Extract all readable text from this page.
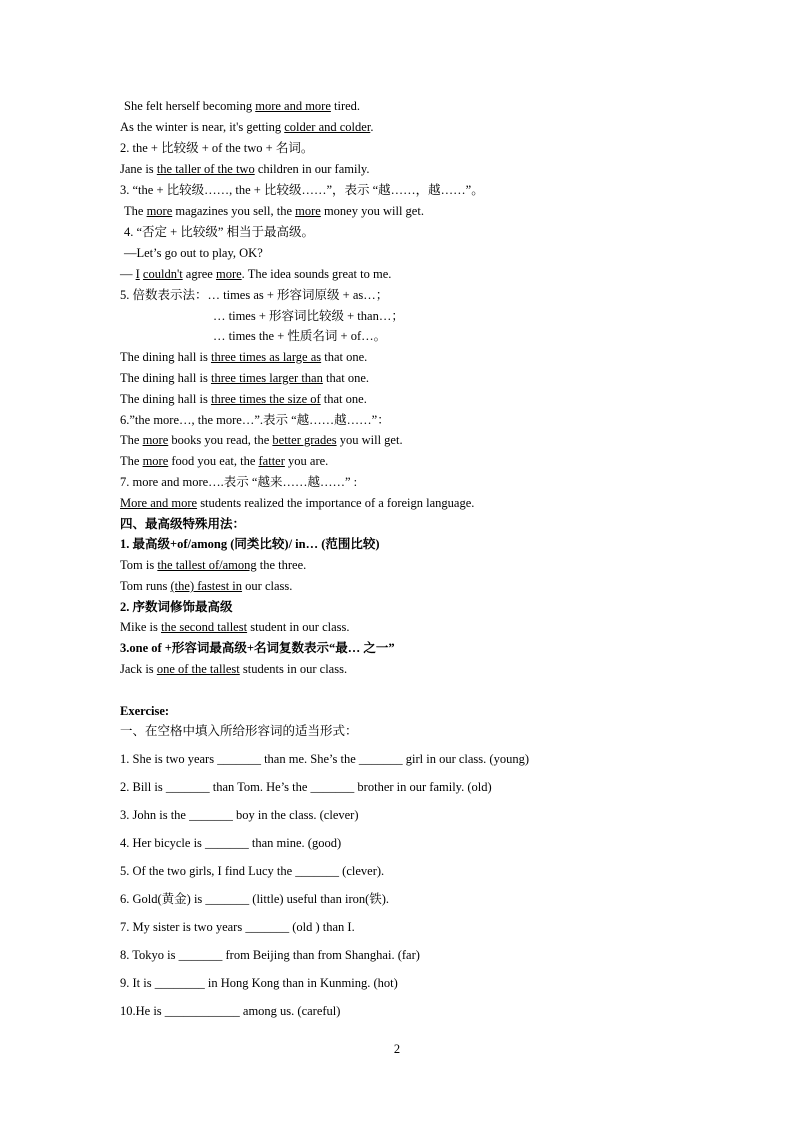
She felt herself becoming more and more tired.
As the winter is near, it's getting colder and colder.
2. the + 比较级 + of the two + 名词。
Jane is the taller of the two children in our family.
3. “the + 比较级……, the + 比较级……”，表示 “越……，越……”。
The more magazines you sell, the more money you will get.
4. “否定 + 比较级” 相当于最高级。
—Let’s go out to play, OK?
— I couldn't agree more. The idea sounds great to me.
5. 倍数表示法：… times as + 形容词原级 + as…；
… times + 形容词比较级 + than…；
… times the + 性质名词 + of…。
The dining hall is three times as large as that one.
The dining hall is three times larger than that one.
The dining hall is three times the size of that one.
6.”the more…, the more…”.表示 “越……越……”：
The more books you read, the better grades you will get.
The more food you eat, the fatter you are.
7. more and more….表示 “越来……越……” :
More and more students realized the importance of a foreign language.
四、最高级特殊用法：
1. 最高级+of/among (同类比较)/ in… (范围比较)
Tom is the tallest of/among the three.
Tom runs (the) fastest in our class.
2. 序数词修饰最高级
Mike is the second tallest student in our class.
3.one of +形容词最高级+名词复数表示“最… 之一”
Jack is one of the tallest students in our class.
Exercise:
一、在空格中填入所给形容词的适当形式：
1. She is two years _______ than me. She’s the _______ girl in our class. (young)
2. Bill is _______ than Tom. He’s the _______ brother in our family. (old)
3. John is the _______ boy in the class. (clever)
4. Her bicycle is _______ than mine. (good)
5. Of the two girls, I find Lucy the _______ (clever).
6. Gold(黄金) is _______ (little) useful than iron(铁).
7. My sister is two years _______ (old ) than I.
8. Tokyo is _______ from Beijing than from Shanghai. (far)
9. It is ________ in Hong Kong than in Kunming. (hot)
10.He is ____________ among us. (careful)
2
